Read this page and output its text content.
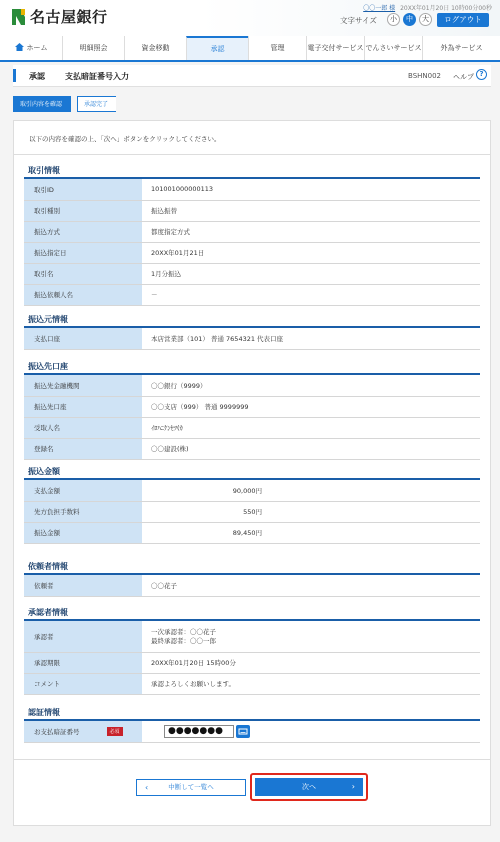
名古屋銀行	〇〇一郎 様 20XX年01月20日 10時00分00秒
文字サイズ	小	中	大	ログアウト
ホーム	明細照会	資金移動	承認	管理	電子交付サービス でんさいサービス	外為サービス
承認	支払暗証番号入力	BSHN002 ヘルプ ?
取引内容を確認	承認完了
以下の内容を確認の上、「次へ」ボタンをクリックしてください。
取引情報
取引ID	101001000000113
取引種別	振込振替
振込方式	都度指定方式
振込指定日	20XX年01月21日
取引名	1月分振込
振込依頼人名	－
振込元情報
支払口座	本店営業部（101） 普通 7654321 代表口座
振込先口座
振込先金融機関	〇〇銀行（9999）
振込先口座	〇〇支店（999） 普通 9999999
受取人名	ｲﾛﾊﾆｹﾝｾﾂ(ｶ
登録名	〇〇建設(株)
振込金額
支払金額	90,000円	
先方負担手数料	550円	
振込金額	89,450円	
依頼者情報
依頼者	〇〇花子
承認者情報
承認者	一次承認者：〇〇花子
最終承認者：〇〇一郎

承認期限	20XX年01月20日 15時00分
コメント	承認よろしくお願いします。
認証情報
お支払暗証番号	必須	●●●●●●●
‹	中断して一覧へ	次へ	›
